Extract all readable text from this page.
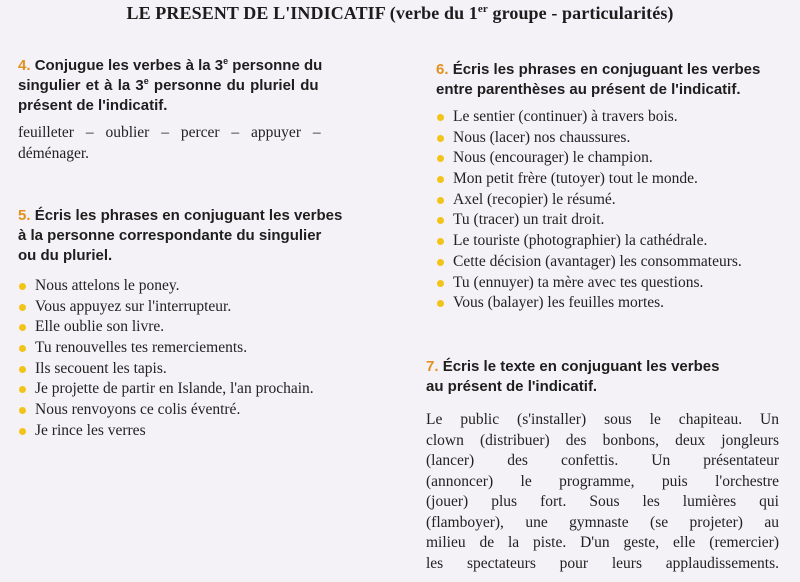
LE PRESENT DE L'INDICATIF (verbe du 1er groupe - particularités)
4. Conjugue les verbes à la 3e personne du
singulier et à la 3e personne du pluriel du
présent de l'indicatif.
feuilleter – oublier – percer – appuyer –
déménager.
5. Écris les phrases en conjuguant les verbes
à la personne correspondante du singulier
ou du pluriel.
Nous attelons le poney.
Vous appuyez sur l'interrupteur.
Elle oublie son livre.
Tu renouvelles tes remerciements.
Ils secouent les tapis.
Je projette de partir en Islande, l'an prochain.
Nous renvoyons ce colis éventré.
Je rince les verres
6. Écris les phrases en conjuguant les verbes
entre parenthèses au présent de l'indicatif.
Le sentier (continuer) à travers bois.
Nous (lacer) nos chaussures.
Nous (encourager) le champion.
Mon petit frère (tutoyer) tout le monde.
Axel (recopier) le résumé.
Tu (tracer) un trait droit.
Le touriste (photographier) la cathédrale.
Cette décision (avantager) les consommateurs.
Tu (ennuyer) ta mère avec tes questions.
Vous (balayer) les feuilles mortes.
7. Écris le texte en conjuguant les verbes
au présent de l'indicatif.
Le public (s'installer) sous le chapiteau. Un
clown (distribuer) des bonbons, deux jongleurs
(lancer) des confettis. Un présentateur
(annoncer) le programme, puis l'orchestre
(jouer) plus fort. Sous les lumières qui
(flamboyer), une gymnaste (se projeter) au
milieu de la piste. D'un geste, elle (remercier)
les spectateurs pour leurs applaudissements.
